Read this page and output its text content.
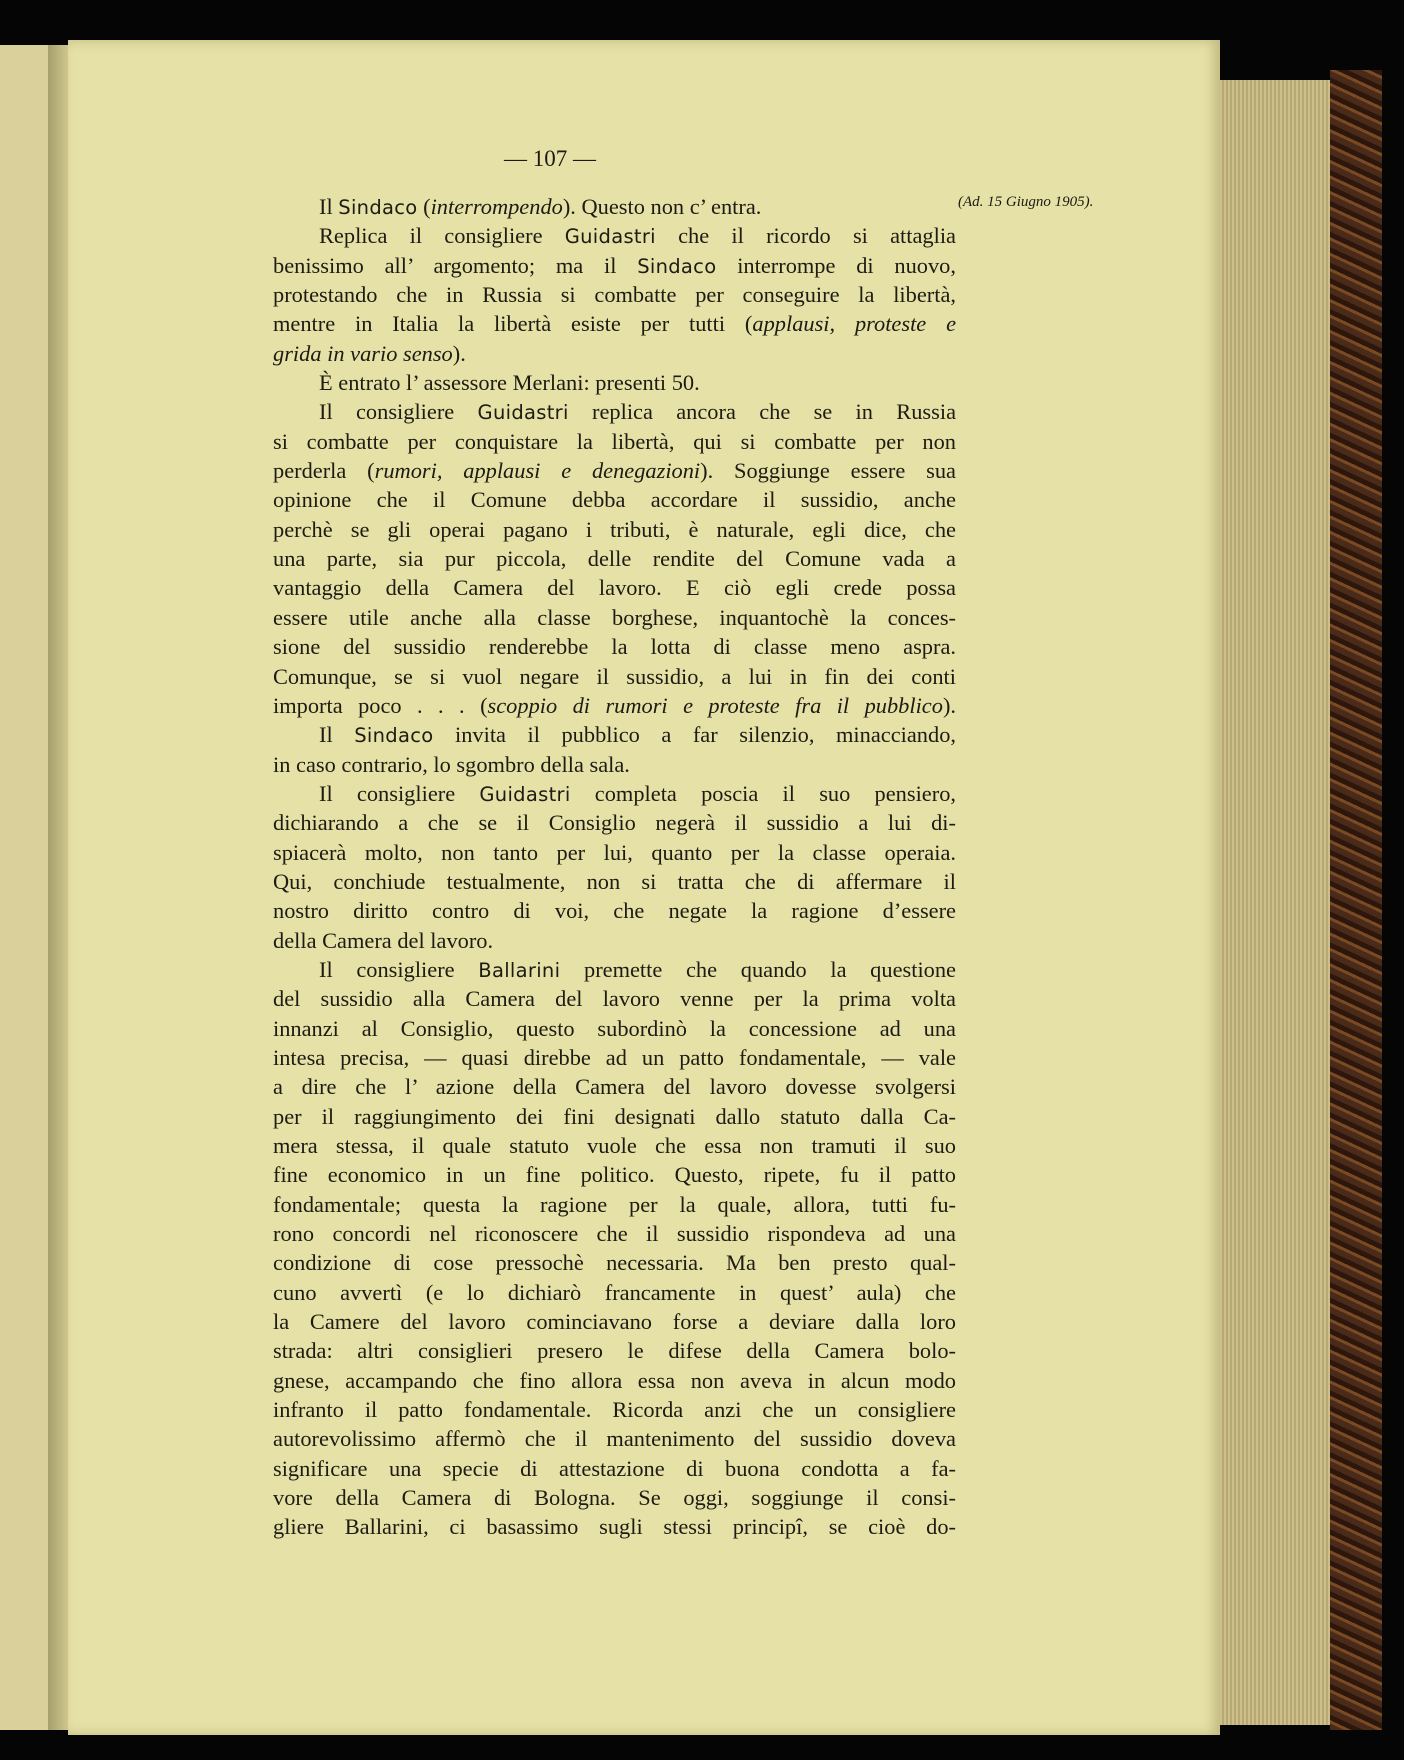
— 107 —
(Ad. 15 Giugno 1905).
Il Sindaco (interrompendo). Questo non c’ entra.
Replica il consigliere Guidastri che il ricordo si attaglia
benissimo all’ argomento; ma il Sindaco interrompe di nuovo,
protestando che in Russia si combatte per conseguire la libertà,
mentre in Italia la libertà esiste per tutti (applausi, proteste e
grida in vario senso).
È entrato l’ assessore Merlani: presenti 50.
Il consigliere Guidastri replica ancora che se in Russia
si combatte per conquistare la libertà, qui si combatte per non
perderla (rumori, applausi e denegazioni). Soggiunge essere sua
opinione che il Comune debba accordare il sussidio, anche
perchè se gli operai pagano i tributi, è naturale, egli dice, che
una parte, sia pur piccola, delle rendite del Comune vada a
vantaggio della Camera del lavoro. E ciò egli crede possa
essere utile anche alla classe borghese, inquantochè la conces-
sione del sussidio renderebbe la lotta di classe meno aspra.
Comunque, se si vuol negare il sussidio, a lui in fin dei conti
importa poco . . . (scoppio di rumori e proteste fra il pubblico).
Il Sindaco invita il pubblico a far silenzio, minacciando,
in caso contrario, lo sgombro della sala.
Il consigliere Guidastri completa poscia il suo pensiero,
dichiarando a che se il Consiglio negerà il sussidio a lui di-
spiacerà molto, non tanto per lui, quanto per la classe operaia.
Qui, conchiude testualmente, non si tratta che di affermare il
nostro diritto contro di voi, che negate la ragione d’essere
della Camera del lavoro.
Il consigliere Ballarini premette che quando la questione
del sussidio alla Camera del lavoro venne per la prima volta
innanzi al Consiglio, questo subordinò la concessione ad una
intesa precisa, — quasi direbbe ad un patto fondamentale, — vale
a dire che l’ azione della Camera del lavoro dovesse svolgersi
per il raggiungimento dei fini designati dallo statuto dalla Ca-
mera stessa, il quale statuto vuole che essa non tramuti il suo
fine economico in un fine politico. Questo, ripete, fu il patto
fondamentale; questa la ragione per la quale, allora, tutti fu-
rono concordi nel riconoscere che il sussidio rispondeva ad una
condizione di cose pressochè necessaria. Ma ben presto qual-
cuno avvertì (e lo dichiarò francamente in quest’ aula) che
la Camere del lavoro cominciavano forse a deviare dalla loro
strada: altri consiglieri presero le difese della Camera bolo-
gnese, accampando che fino allora essa non aveva in alcun modo
infranto il patto fondamentale. Ricorda anzi che un consigliere
autorevolissimo affermò che il mantenimento del sussidio doveva
significare una specie di attestazione di buona condotta a fa-
vore della Camera di Bologna. Se oggi, soggiunge il consi-
gliere Ballarini, ci basassimo sugli stessi principî, se cioè do-
